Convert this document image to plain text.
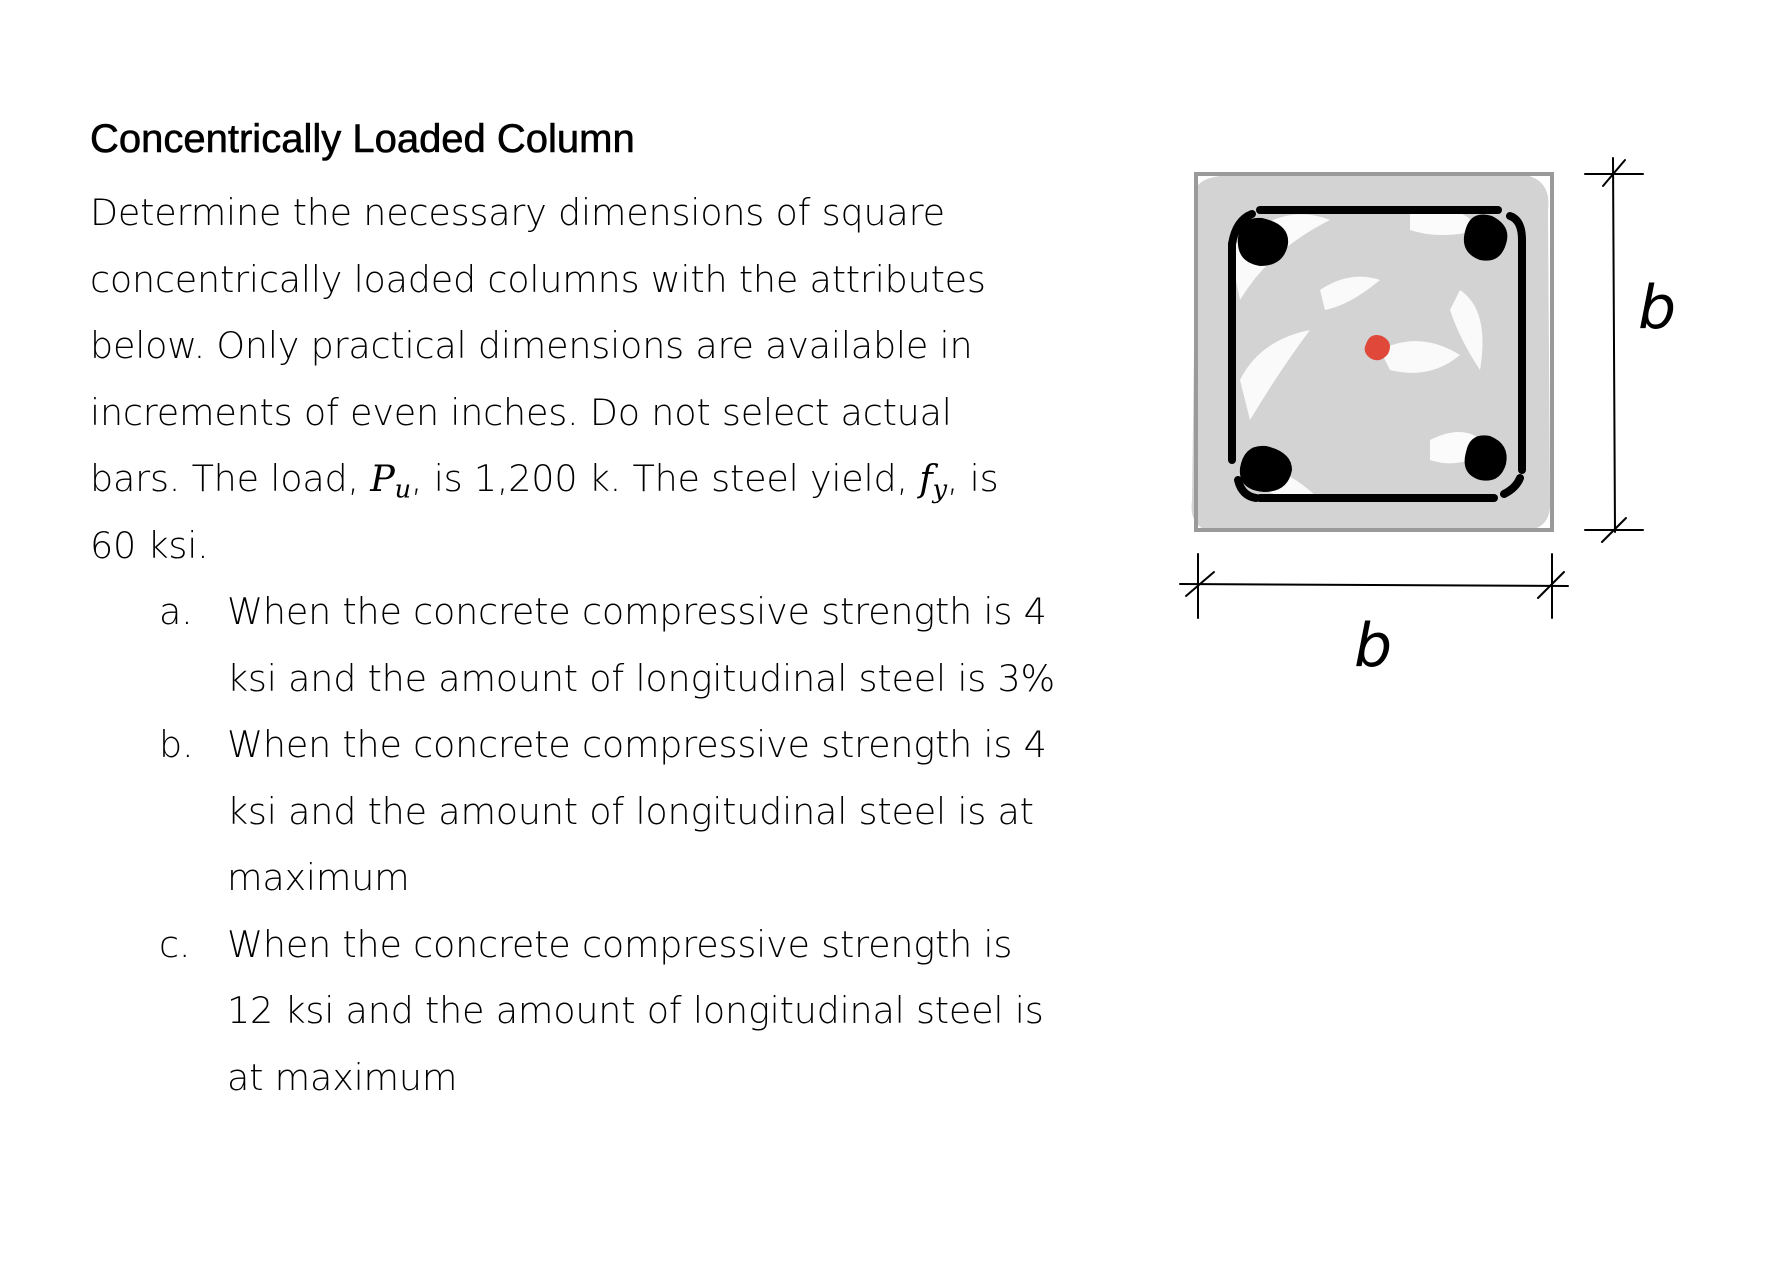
Concentrically Loaded Column

Determine the necessary dimensions of square concentrically loaded columns with the attributes below. Only practical dimensions are available in increments of even inches. Do not select actual bars. The load, $P_u$, is 1,200 k. The steel yield, $f_y$, is 60 ksi.

a. When the concrete compressive strength is 4 ksi and the amount of longitudinal steel is 3%
b. When the concrete compressive strength is 4 ksi and the amount of longitudinal steel is at maximum
c. When the concrete compressive strength is 12 ksi and the amount of longitudinal steel is at maximum
b
b
